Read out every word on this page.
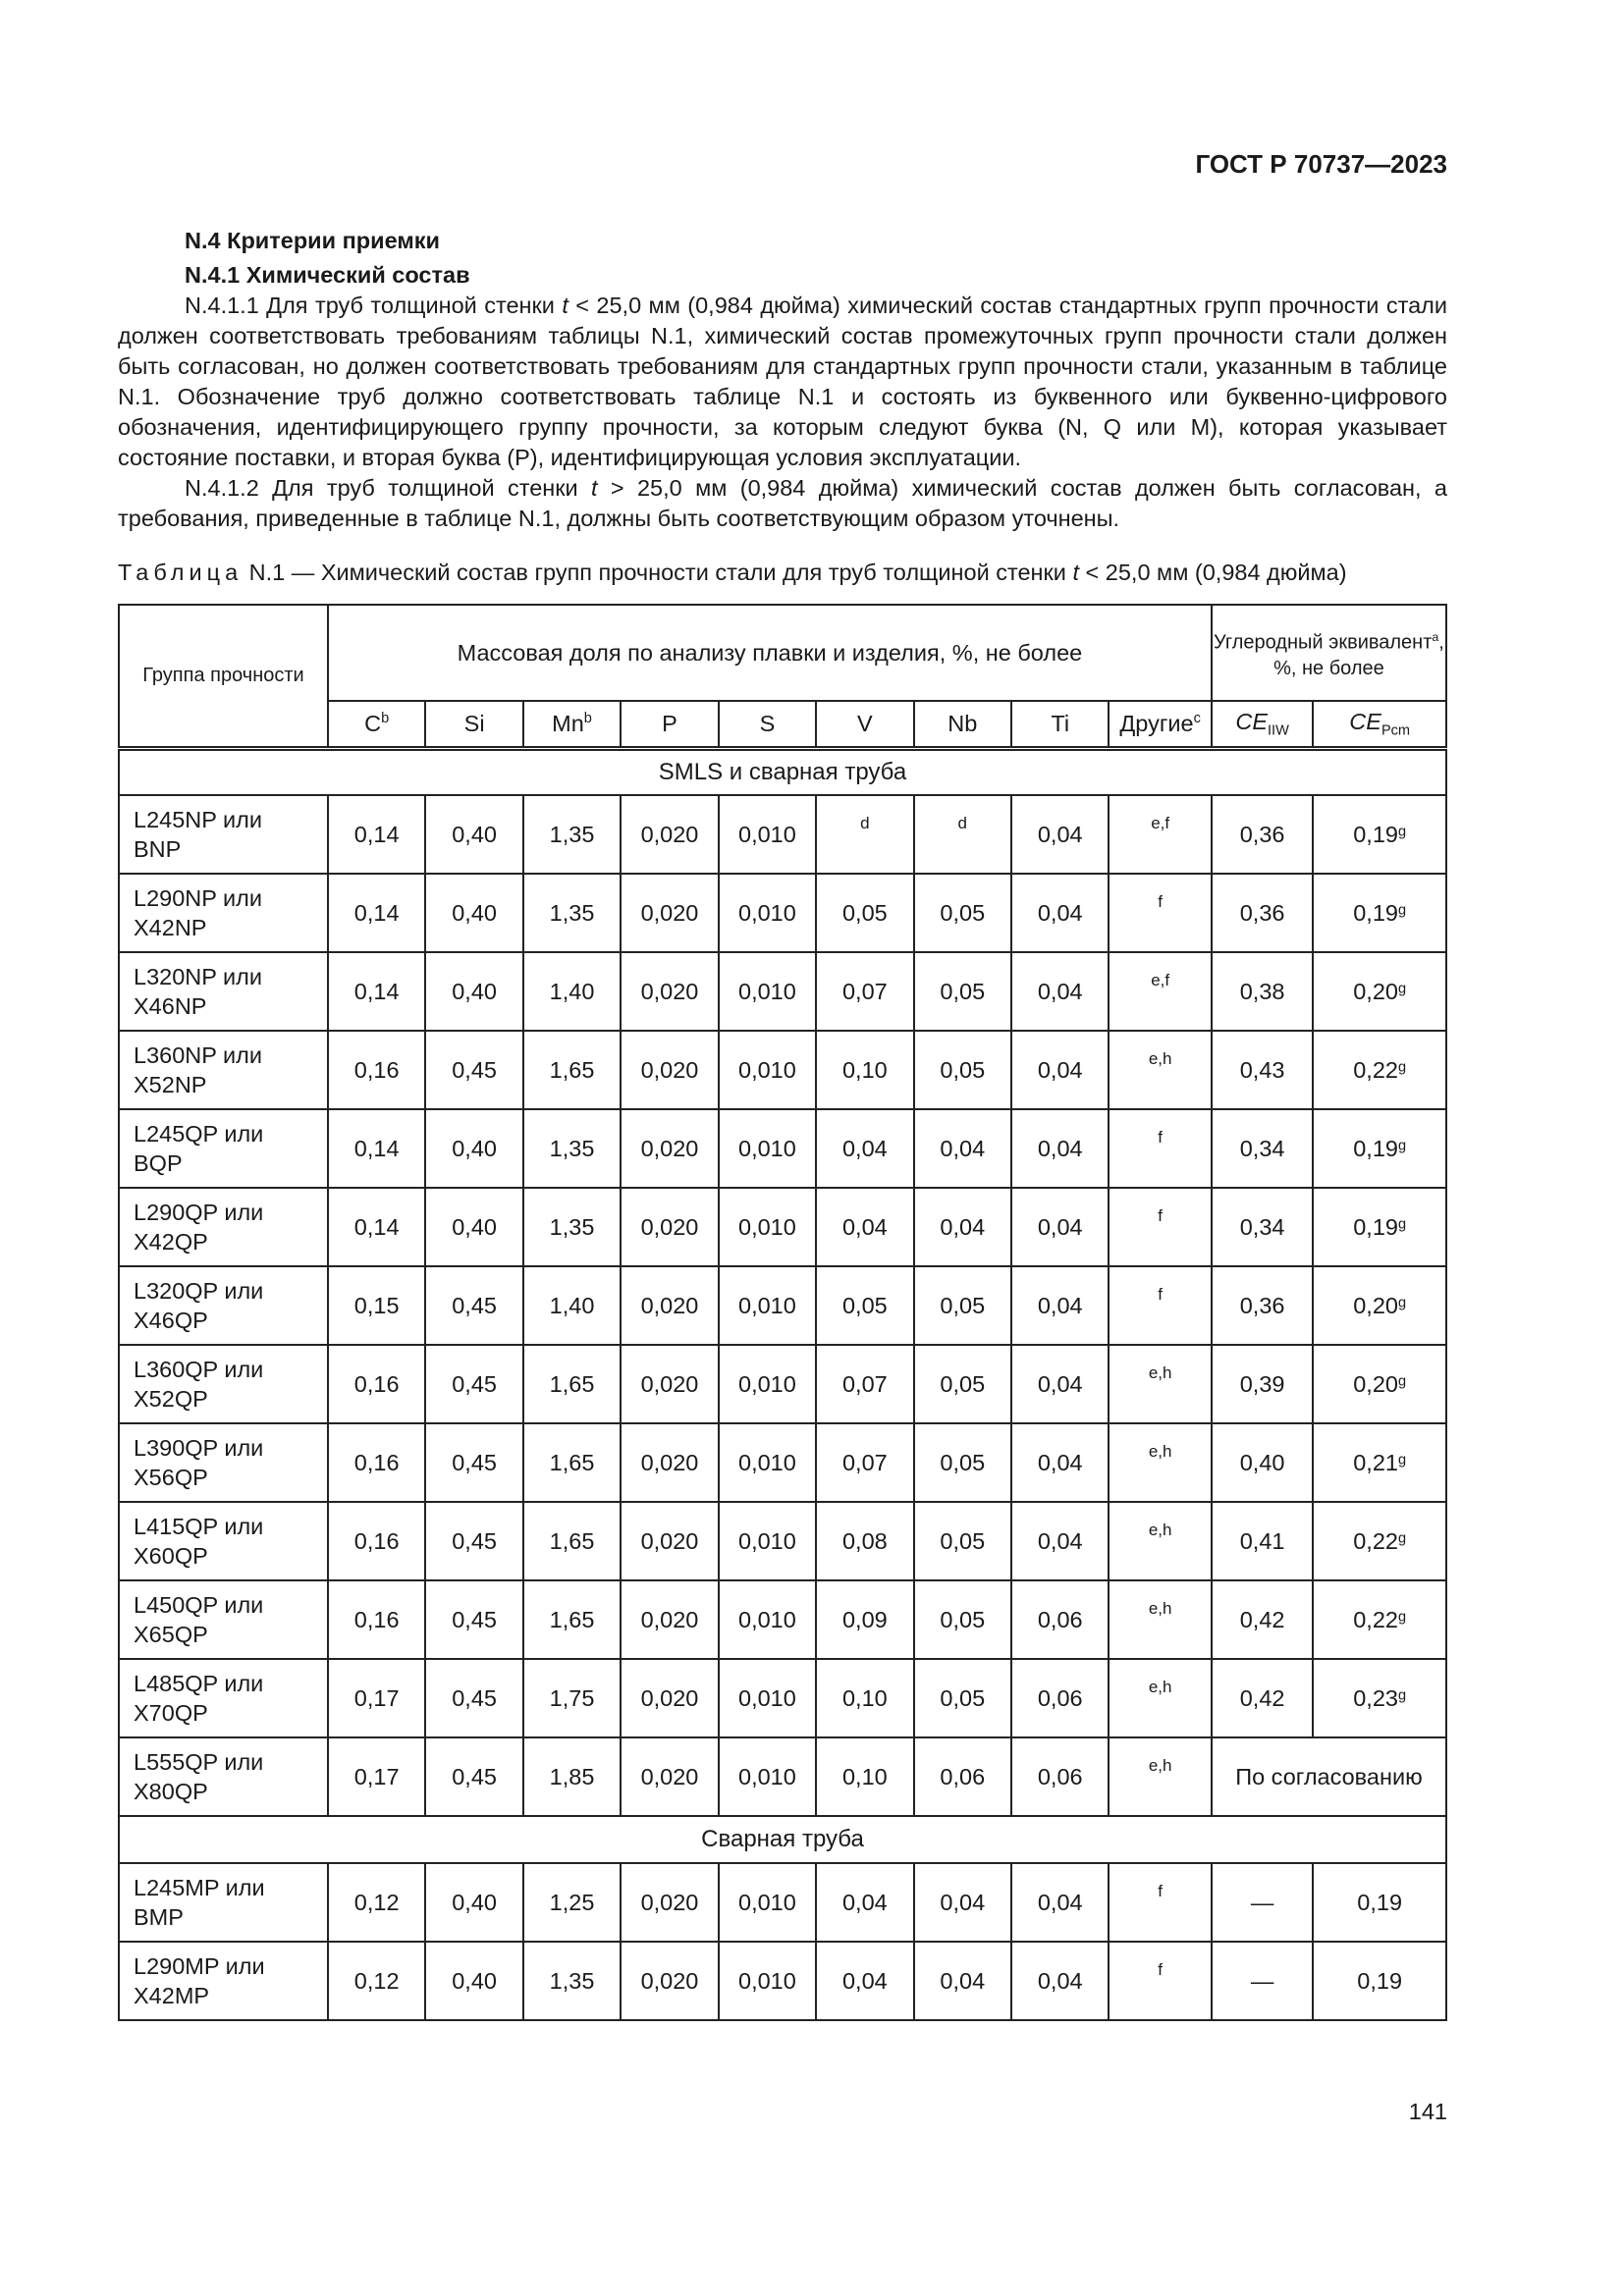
ГОСТ Р 70737—2023
N.4 Критерии приемки
N.4.1 Химический состав

N.4.1.1 Для труб толщиной стенки t < 25,0 мм (0,984 дюйма) химический состав стандартных групп прочности стали должен соответствовать требованиям таблицы N.1, химический состав промежуточных групп прочности стали должен быть согласован, но должен соответствовать требованиям для стандартных групп прочности стали, указанным в таблице N.1. Обозначение труб должно соответствовать таблице N.1 и состоять из буквенного или буквенно-цифрового обозначения, идентифицирующего группу прочности, за которым следуют буква (N, Q или M), которая указывает состояние поставки, и вторая буква (P), идентифицирующая условия эксплуатации.

N.4.1.2 Для труб толщиной стенки t > 25,0 мм (0,984 дюйма) химический состав должен быть согласован, а требования, приведенные в таблице N.1, должны быть соответствующим образом уточнены.

Таблица N.1 — Химический состав групп прочности стали для труб толщиной стенки t < 25,0 мм (0,984 дюйма)
Группа прочности	Массовая доля по анализу плавки и изделия, %, не более									Углеродный эквивалент$^a$, %, не более	
	$C^b$	Si	Mn$^b$	P	S	V	Nb	Ti	Другие$^c$	$CE_{IIW}$	$CE_{Pcm}$
SMLS и сварная труба											

L245NP или
BNP	0,14	0,40	1,35	0,020	0,010	d	d	0,04	e,f	0,36	0,19$^g$

L290NP или
X42NP	0,14	0,40	1,35	0,020	0,010	0,05	0,05	0,04	f	0,36	0,19$^g$

L320NP или
X46NP	0,14	0,40	1,40	0,020	0,010	0,07	0,05	0,04	e,f	0,38	0,20$^g$

L360NP или
X52NP	0,16	0,45	1,65	0,020	0,010	0,10	0,05	0,04	e,h	0,43	0,22$^g$

L245QP или
BQP	0,14	0,40	1,35	0,020	0,010	0,04	0,04	0,04	f	0,34	0,19$^g$

L290QP или
X42QP	0,14	0,40	1,35	0,020	0,010	0,04	0,04	0,04	f	0,34	0,19$^g$

L320QP или
X46QP	0,15	0,45	1,40	0,020	0,010	0,05	0,05	0,04	f	0,36	0,20$^g$

L360QP или
X52QP	0,16	0,45	1,65	0,020	0,010	0,07	0,05	0,04	e,h	0,39	0,20$^g$

L390QP или
X56QP	0,16	0,45	1,65	0,020	0,010	0,07	0,05	0,04	e,h	0,40	0,21$^g$

L415QP или
X60QP	0,16	0,45	1,65	0,020	0,010	0,08	0,05	0,04	e,h	0,41	0,22$^g$

L450QP или
X65QP	0,16	0,45	1,65	0,020	0,010	0,09	0,05	0,06	e,h	0,42	0,22$^g$

L485QP или
X70QP	0,17	0,45	1,75	0,020	0,010	0,10	0,05	0,06	e,h	0,42	0,23$^g$

L555QP или
X80QP	0,17	0,45	1,85	0,020	0,010	0,10	0,06	0,06	e,h	По согласованию	
Сварная труба											

L245MP или
BMP	0,12	0,40	1,25	0,020	0,010	0,04	0,04	0,04	f	—	0,19

L290MP или
X42MP	0,12	0,40	1,35	0,020	0,010	0,04	0,04	0,04	f	—	0,19
141
